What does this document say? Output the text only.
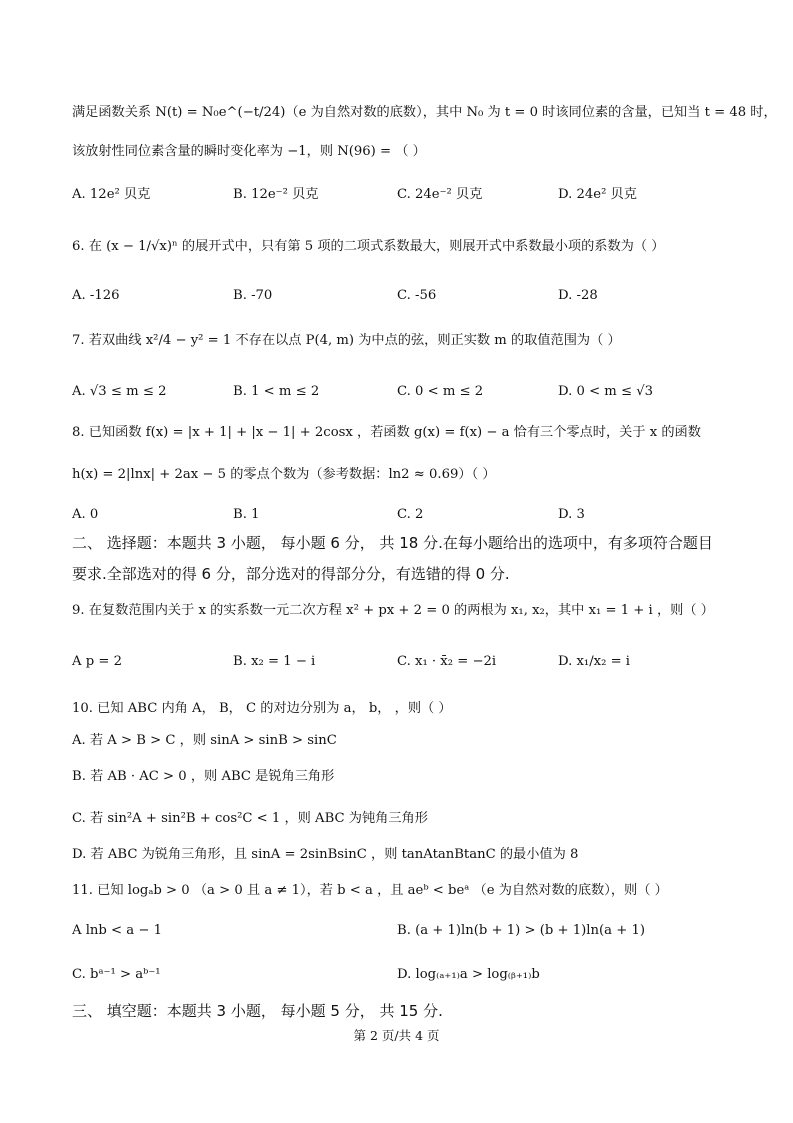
满足函数关系 N(t) = N₀e^(−t/24)（e 为自然对数的底数），其中 N₀ 为 t = 0 时该同位素的含量，已知当 t = 48 时，
该放射性同位素含量的瞬时变化率为 −1，则 N(96) = （ ）
A. 12e² 贝克	B. 12e⁻² 贝克	C. 24e⁻² 贝克	D. 24e² 贝克
6. 在 (x − 1/√x)ⁿ 的展开式中，只有第 5 项的二项式系数最大，则展开式中系数最小项的系数为（ ）
A. -126	B. -70	C. -56	D. -28
7. 若双曲线 x²/4 − y² = 1 不存在以点 P(4, m) 为中点的弦，则正实数 m 的取值范围为（ ）
A. √3 ≤ m ≤ 2	B. 1 < m ≤ 2	C. 0 < m ≤ 2	D. 0 < m ≤ √3
8. 已知函数 f(x) = |x + 1| + |x − 1| + 2cosx ，若函数 g(x) = f(x) − a 恰有三个零点时，关于 x 的函数
h(x) = 2|lnx| + 2ax − 5 的零点个数为（参考数据：ln2 ≈ 0.69）（ ）
A. 0	B. 1	C. 2	D. 3
二、 选择题：本题共 3 小题， 每小题 6 分， 共 18 分.在每小题给出的选项中，有多项符合题目
要求.全部选对的得 6 分，部分选对的得部分分，有选错的得 0 分.
9. 在复数范围内关于 x 的实系数一元二次方程 x² + px + 2 = 0 的两根为 x₁, x₂，其中 x₁ = 1 + i ，则（ ）
A p = 2	B. x₂ = 1 − i	C. x₁ · x̄₂ = −2i	D. x₁/x₂ = i
10. 已知 ABC 内角 A， B， C 的对边分别为 a， b， ，则（ ）
A. 若 A > B > C ，则 sinA > sinB > sinC
B. 若 AB · AC > 0 ，则 ABC 是锐角三角形
C. 若 sin²A + sin²B + cos²C < 1 ，则 ABC 为钝角三角形
D. 若 ABC 为锐角三角形，且 sinA = 2sinBsinC ，则 tanAtanBtanC 的最小值为 8
11. 已知 logₐb > 0 （a > 0 且 a ≠ 1），若 b < a ，且 aeᵇ < beᵃ （e 为自然对数的底数），则（ ）
A lnb < a − 1	B. (a + 1)ln(b + 1) > (b + 1)ln(a + 1)
C. bᵃ⁻¹ > aᵇ⁻¹	D. log₍ₐ₊₁₎a > log₍ᵦ₊₁₎b
三、 填空题：本题共 3 小题， 每小题 5 分， 共 15 分.
第 2 页/共 4 页
